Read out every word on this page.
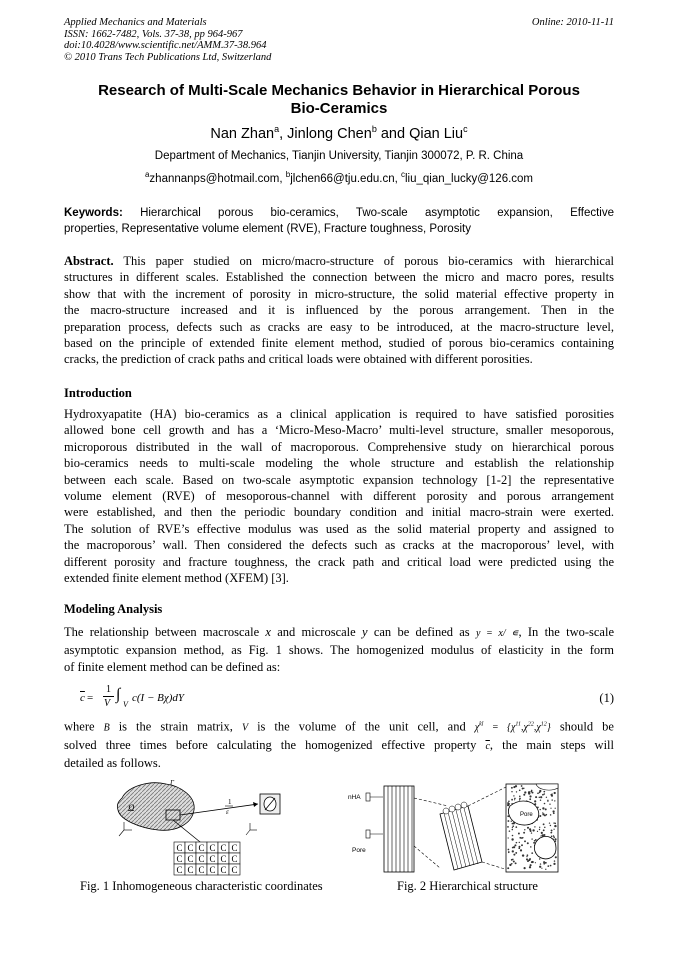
Applied Mechanics and Materials
ISSN: 1662-7482, Vols. 37-38, pp 964-967
doi:10.4028/www.scientific.net/AMM.37-38.964
© 2010 Trans Tech Publications Ltd, Switzerland
Online: 2010-11-11
Research of Multi-Scale Mechanics Behavior in Hierarchical Porous
Bio-Ceramics
Nan Zhan$^a$, Jinlong Chen$^b$ and Qian Liu$^c$
Department of Mechanics, Tianjin University, Tianjin 300072, P. R. China
$^a$zhannanps@hotmail.com, $^b$jlchen66@tju.edu.cn, $^c$liu_qian_lucky@126.com
Keywords: Hierarchical porous bio-ceramics, Two-scale asymptotic expansion, Effective
properties, Representative volume element (RVE), Fracture toughness, Porosity
Abstract. This paper studied on micro/macro-structure of porous bio-ceramics with hierarchical
structures in different scales. Established the connection between the micro and macro pores, results
show that with the increment of porosity in micro-structure, the solid material effective property in
the macro-structure increased and it is influenced by the porous arrangement. Then in the
preparation process, defects such as cracks are easy to be introduced, at the macro-structure level,
based on the principle of extended finite element method, studied of porous bio-ceramics containing
cracks, the prediction of crack paths and critical loads were obtained with different porosities.
Introduction
Hydroxyapatite (HA) bio-ceramics as a clinical application is required to have satisfied porosities
allowed bone cell growth and has a ‘Micro-Meso-Macro’ multi-level structure, smaller mesoporous,
microporous distributed in the wall of macroporous. Comprehensive study on hierarchical porous
bio-ceramics needs to multi-scale modeling the whole structure and establish the relationship
between each scale. Based on two-scale asymptotic expansion technology [1-2] the representative
volume element (RVE) of mesoporous-channel with different porosity and porous arrangement
were established, and then the periodic boundary condition and initial macro-strain were exerted.
The solution of RVE’s effective modulus was used as the solid material property and assigned to
the macroporous’ wall. Then considered the defects such as cracks at the macroporous’ level, with
different porosity and fracture toughness, the crack path and critical load were predicted using the
extended finite element method (XFEM) [3].
Modeling Analysis
The relationship between macroscale x and microscale y can be defined as y = x/ ∊, In the two-scale
asymptotic expansion method, as Fig. 1 shows. The homogenized modulus of elasticity in the form
of finite element method can be defined as:
$\overline{c}$ =
1
V
∫
V
c(I − Bχ)dY	(1)
where B is the strain matrix, V is the volume of the unit cell, and $\chi^{kl} = \{\chi^{11},\chi^{22},\chi^{12}\}$ should be
solved three times before calculating the homogenized effective property $\overline{c}$, the main steps will
detailed as follows.
Ω
Γ
1
ε
C C C C C C
C C C C C C
C C C C C C
Fig. 1 Inhomogeneous characteristic coordinates
nHA
Pore
Pore
Fig. 2 Hierarchical structure
